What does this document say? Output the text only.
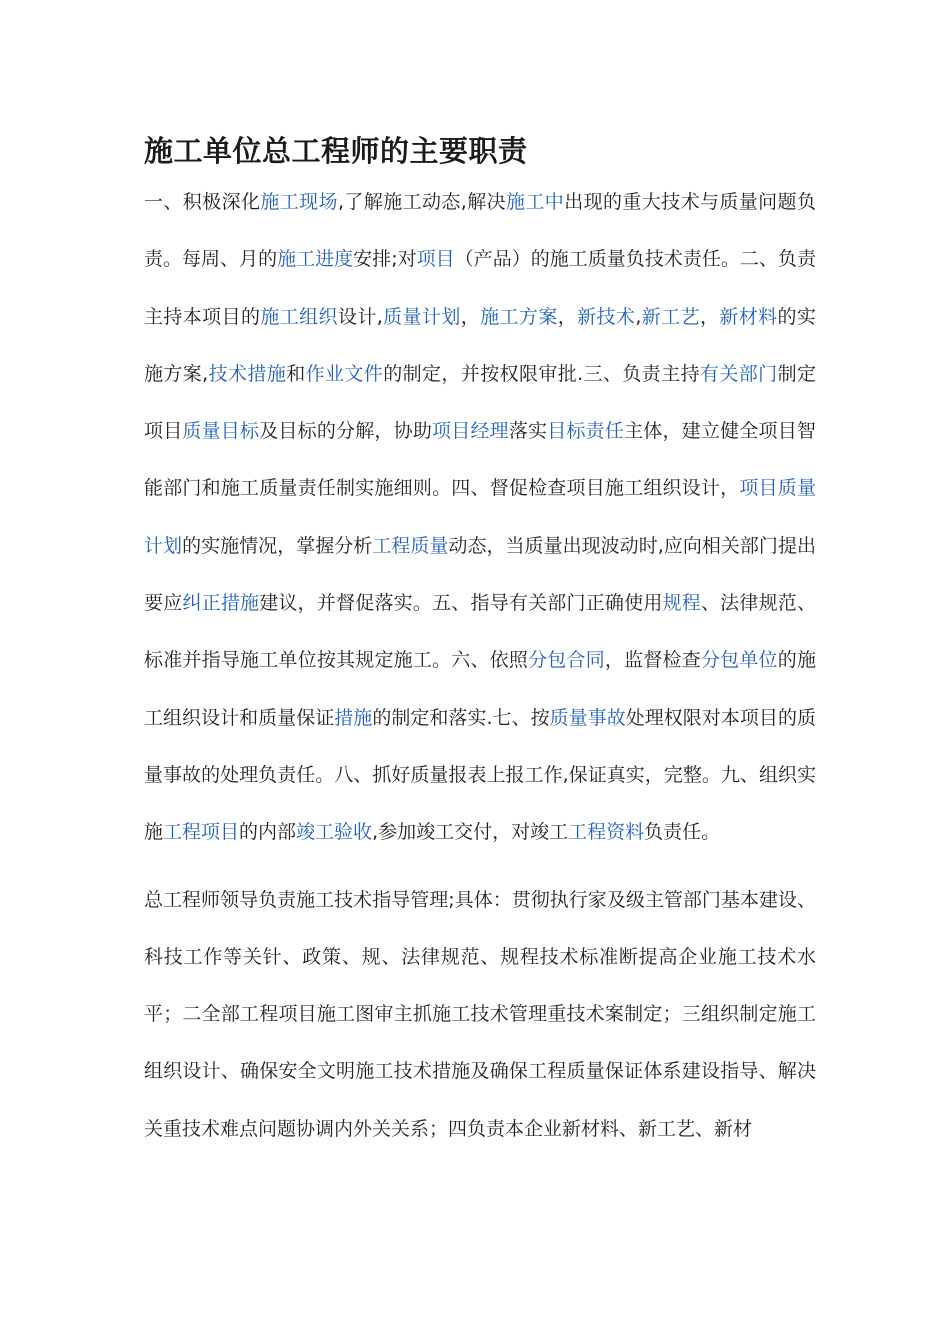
施工单位总工程师的主要职责

一、积极深化施工现场,了解施工动态,解决施工中出现的重大技术与质量问题负责。每周、月的施工进度安排;对项目（产品）的施工质量负技术责任。二、负责主持本项目的施工组织设计,质量计划，施工方案，新技术,新工艺，新材料的实施方案,技术措施和作业文件的制定，并按权限审批.三、负责主持有关部门制定项目质量目标及目标的分解，协助项目经理落实目标责任主体，建立健全项目智能部门和施工质量责任制实施细则。四、督促检查项目施工组织设计，项目质量计划的实施情况，掌握分析工程质量动态，当质量出现波动时,应向相关部门提出要应纠正措施建议，并督促落实。五、指导有关部门正确使用规程、法律规范、标准并指导施工单位按其规定施工。六、依照分包合同，监督检查分包单位的施工组织设计和质量保证措施的制定和落实.七、按质量事故处理权限对本项目的质量事故的处理负责任。八、抓好质量报表上报工作,保证真实，完整。九、组织实施工程项目的内部竣工验收,参加竣工交付，对竣工工程资料负责任。

总工程师领导负责施工技术指导管理;具体：贯彻执行家及级主管部门基本建设、科技工作等关针、政策、规、法律规范、规程技术标准断提高企业施工技术水平；二全部工程项目施工图审主抓施工技术管理重技术案制定；三组织制定施工组织设计、确保安全文明施工技术措施及确保工程质量保证体系建设指导、解决关重技术难点问题协调内外关关系；四负责本企业新材料、新工艺、新材
